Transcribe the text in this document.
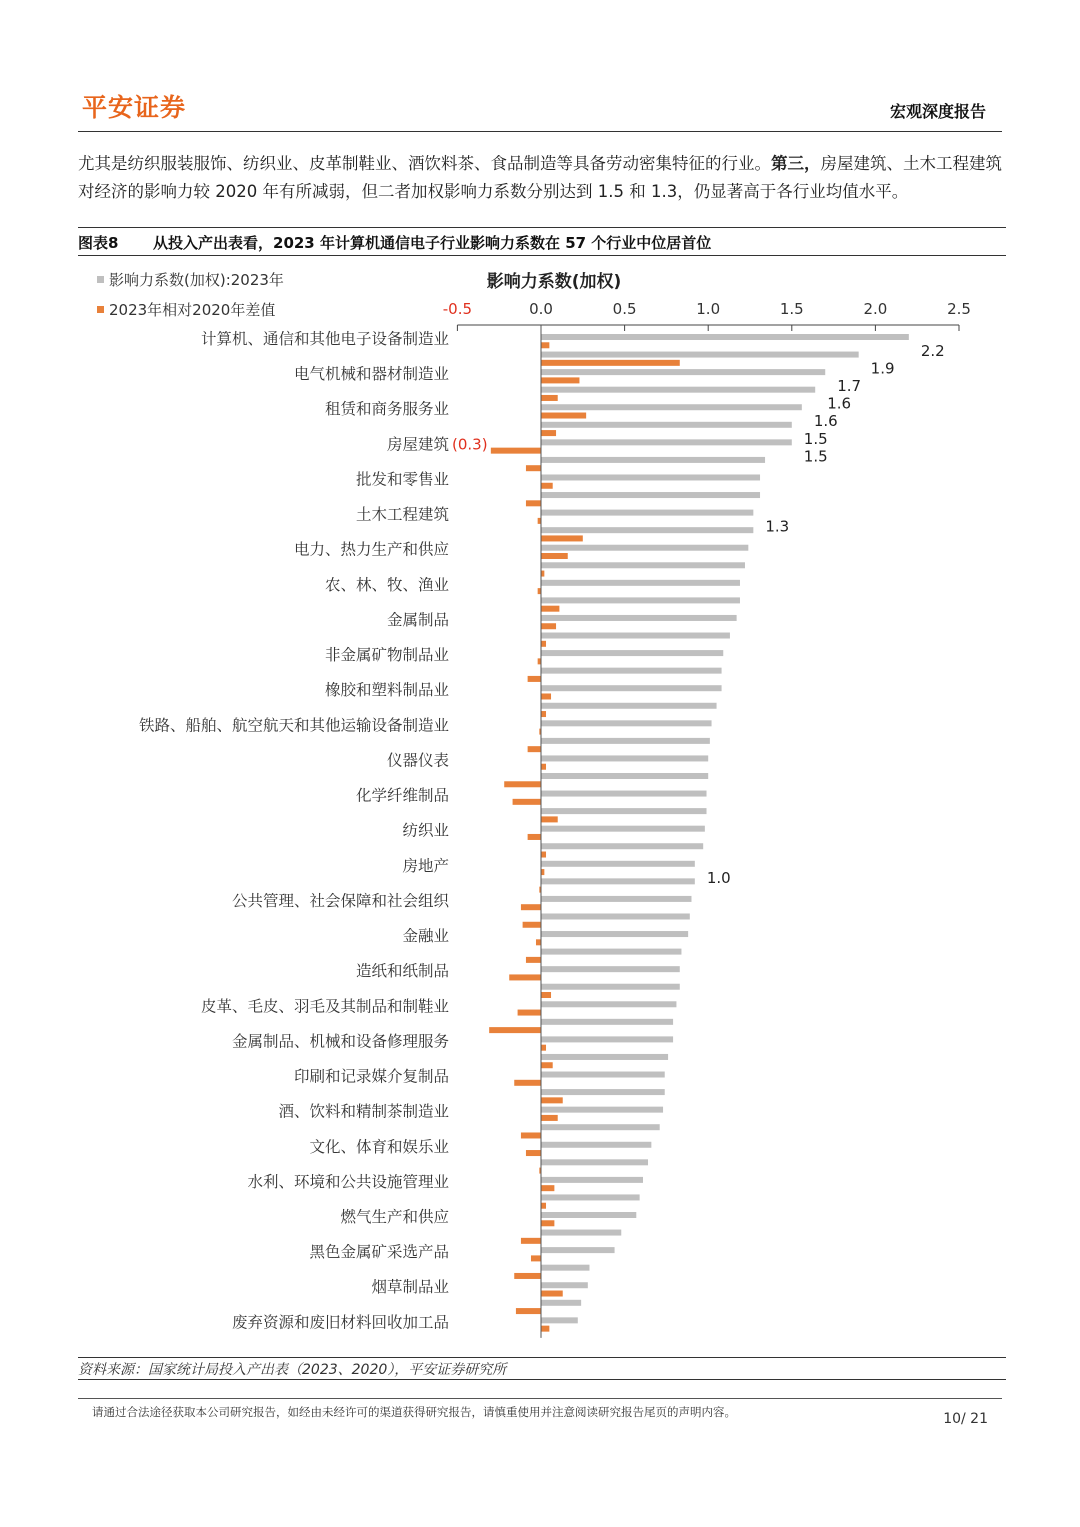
平安证券	宏观深度报告
尤其是纺织服装服饰、纺织业、皮革制鞋业、酒饮料茶、食品制造等具备劳动密集特征的行业。第三，房屋建筑、土木工程建筑对经济的影响力较 2020 年有所减弱，但二者加权影响力系数分别达到 1.5 和 1.3，仍显著高于各行业均值水平。
图表8 从投入产出表看，2023 年计算机通信电子行业影响力系数在 57 个行业中位居首位
影响力系数(加权)
影响力系数(加权):2023年
2023年相对2020年差值	-0.5	0.0	0.5	1.0	1.5	2.0	2.5
2.2
1.9
1.7
1.6
1.6
1.5
1.5
1.3
1.0
计算机、通信和其他电子设备制造业
电气机械和器材制造业
租赁和商务服务业
房屋建筑
批发和零售业
土木工程建筑
电力、热力生产和供应
农、林、牧、渔业
金属制品
非金属矿物制品业
橡胶和塑料制品业
铁路、船舶、航空航天和其他运输设备制造业
仪器仪表
化学纤维制品
纺织业
房地产
公共管理、社会保障和社会组织
金融业
造纸和纸制品
皮革、毛皮、羽毛及其制品和制鞋业
金属制品、机械和设备修理服务
印刷和记录媒介复制品
酒、饮料和精制茶制造业
文化、体育和娱乐业
水利、环境和公共设施管理业
燃气生产和供应
黑色金属矿采选产品
烟草制品业
废弃资源和废旧材料回收加工品
(0.3)
资料来源：国家统计局投入产出表（2023、2020），平安证券研究所
请通过合法途径获取本公司研究报告，如经由未经许可的渠道获得研究报告，请慎重使用并注意阅读研究报告尾页的声明内容。	10/ 21
